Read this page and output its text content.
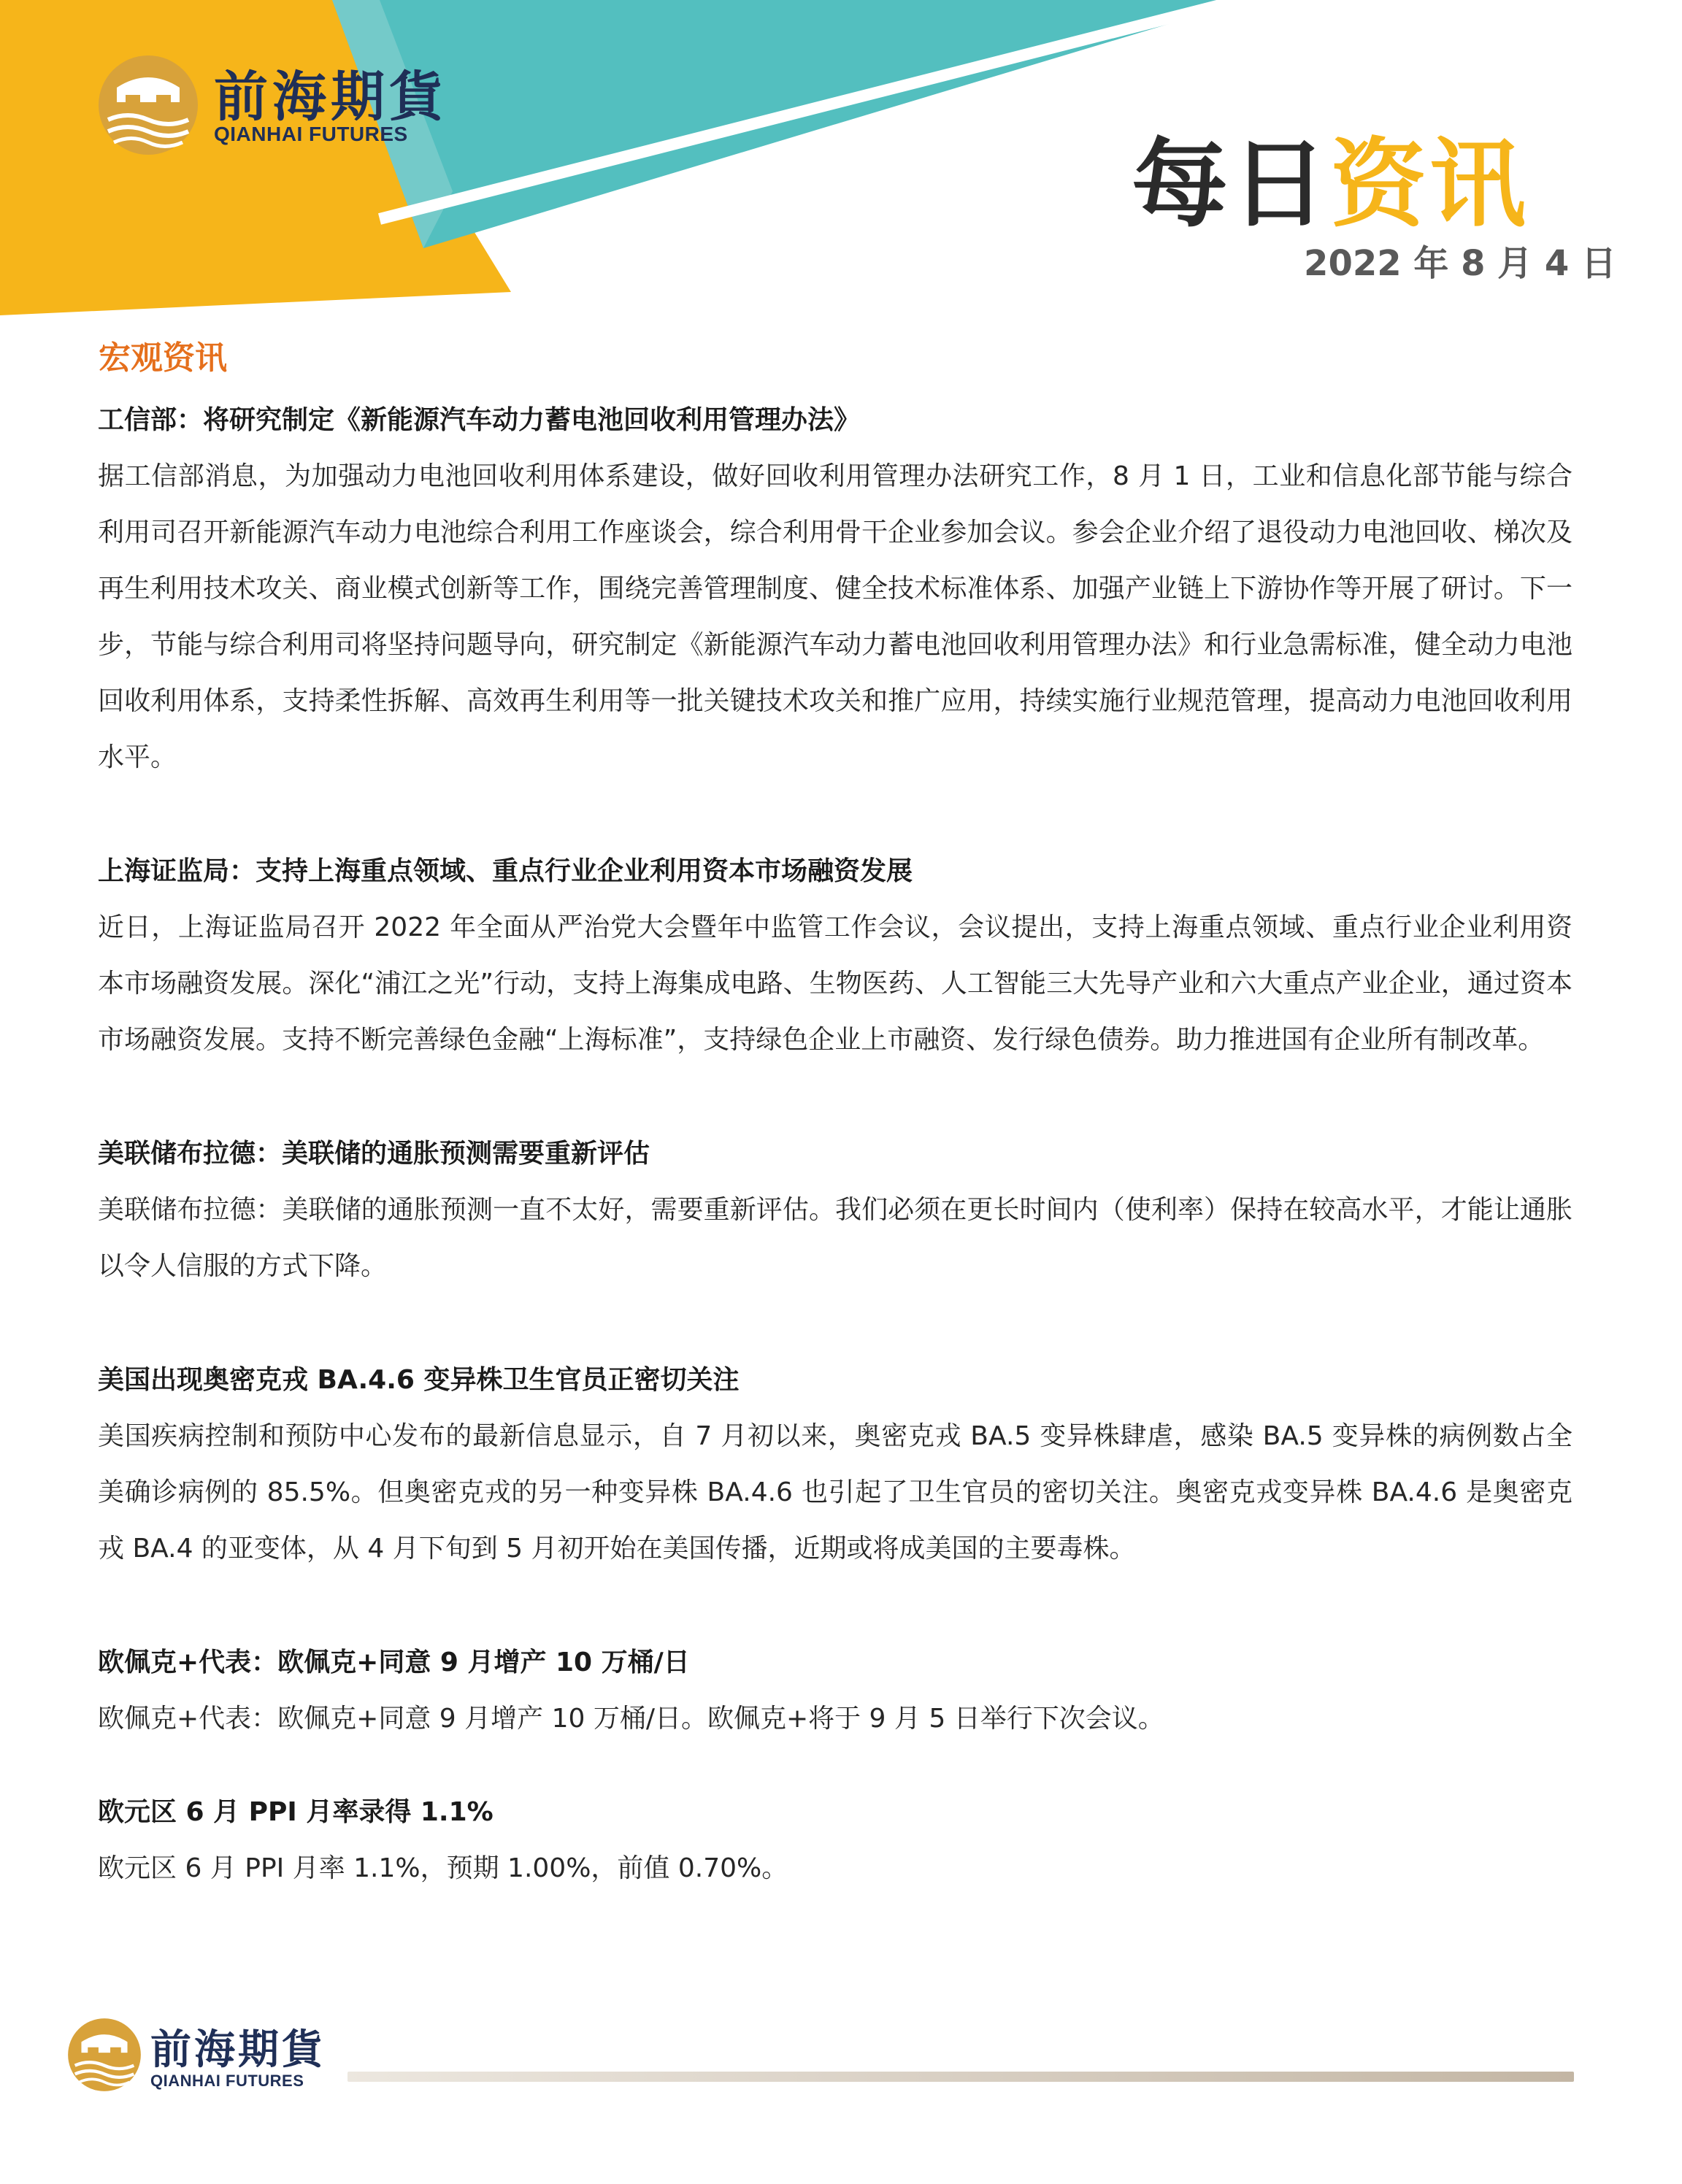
前海期貨
QIANHAI FUTURES	每日资讯
2022 年 8 月 4 日
宏观资讯
工信部：将研究制定《新能源汽车动力蓄电池回收利用管理办法》
据工信部消息，为加强动力电池回收利用体系建设，做好回收利用管理办法研究工作，8 月 1 日，工业和信息化部节能与综合利用司召开新能源汽车动力电池综合利用工作座谈会，综合利用骨干企业参加会议。参会企业介绍了退役动力电池回收、梯次及再生利用技术攻关、商业模式创新等工作，围绕完善管理制度、健全技术标准体系、加强产业链上下游协作等开展了研讨。下一步，节能与综合利用司将坚持问题导向，研究制定《新能源汽车动力蓄电池回收利用管理办法》和行业急需标准，健全动力电池回收利用体系，支持柔性拆解、高效再生利用等一批关键技术攻关和推广应用，持续实施行业规范管理，提高动力电池回收利用水平。
上海证监局：支持上海重点领域、重点行业企业利用资本市场融资发展
近日，上海证监局召开 2022 年全面从严治党大会暨年中监管工作会议，会议提出，支持上海重点领域、重点行业企业利用资本市场融资发展。深化“浦江之光”行动，支持上海集成电路、生物医药、人工智能三大先导产业和六大重点产业企业，通过资本市场融资发展。支持不断完善绿色金融“上海标准”，支持绿色企业上市融资、发行绿色债券。助力推进国有企业所有制改革。
美联储布拉德：美联储的通胀预测需要重新评估
美联储布拉德：美联储的通胀预测一直不太好，需要重新评估。我们必须在更长时间内（使利率）保持在较高水平，才能让通胀以令人信服的方式下降。
美国出现奥密克戎 BA.4.6 变异株卫生官员正密切关注
美国疾病控制和预防中心发布的最新信息显示，自 7 月初以来，奥密克戎 BA.5 变异株肆虐，感染 BA.5 变异株的病例数占全美确诊病例的 85.5%。但奥密克戎的另一种变异株 BA.4.6 也引起了卫生官员的密切关注。奥密克戎变异株 BA.4.6 是奥密克戎 BA.4 的亚变体，从 4 月下旬到 5 月初开始在美国传播，近期或将成美国的主要毒株。
欧佩克+代表：欧佩克+同意 9 月增产 10 万桶/日
欧佩克+代表：欧佩克+同意 9 月增产 10 万桶/日。欧佩克+将于 9 月 5 日举行下次会议。
欧元区 6 月 PPI 月率录得 1.1%
欧元区 6 月 PPI 月率 1.1%，预期 1.00%，前值 0.70%。
前海期貨
QIANHAI FUTURES
